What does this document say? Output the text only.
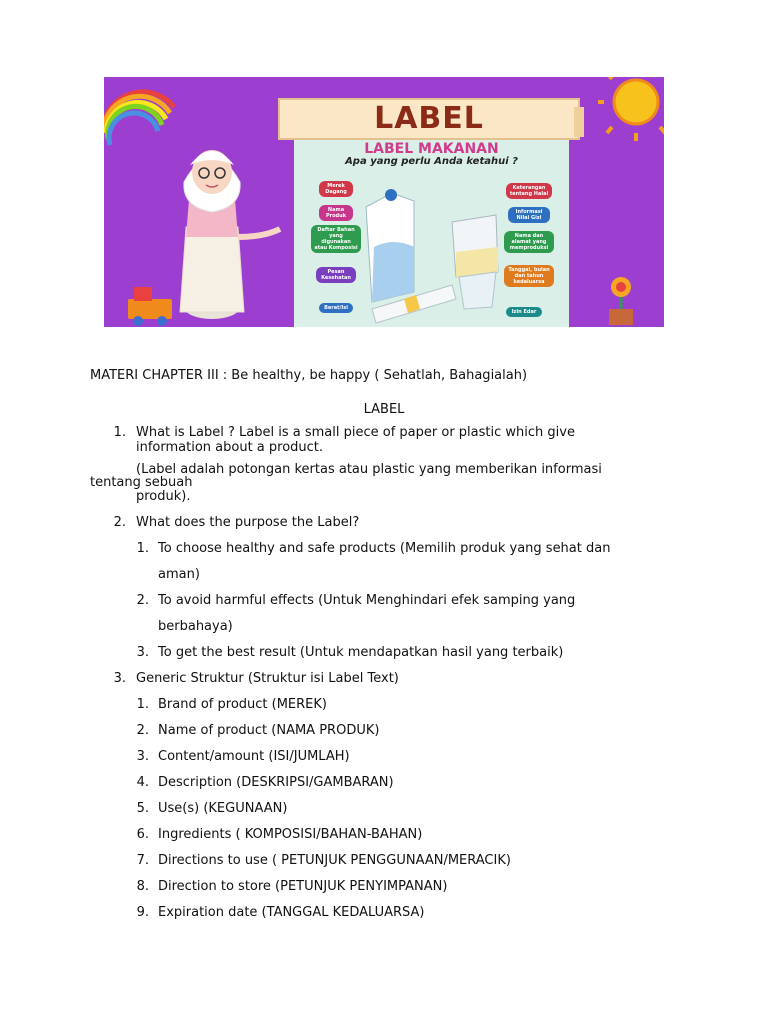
LABEL
LABEL MAKANAN
Apa yang perlu Anda ketahui ?
Merek Dagang
Nama Produk
Daftar Bahan yang digunakan atau Komposisi
Pesan Kesehatan
Berat/Isi
Keterangan tentang Halal
Informasi Nilai Gizi
Nama dan alamat yang memproduksi
Tanggal, bulan dan tahun kedaluarsa
Izin Edar
MATERI CHAPTER III : Be healthy, be happy ( Sehatlah, Bahagialah)
LABEL
1. What is Label ? Label is a small piece of paper or plastic which give
information about a product.
(Label adalah potongan kertas atau plastic yang memberikan informasi
tentang sebuah
produk).
2. What does the purpose the Label?
1. To choose healthy and safe products (Memilih produk yang sehat dan
aman)
2. To avoid harmful effects (Untuk Menghindari efek samping yang
berbahaya)
3. To get the best result (Untuk mendapatkan hasil yang terbaik)
3. Generic Struktur (Struktur isi Label Text)
1. Brand of product (MEREK)
2. Name of product (NAMA PRODUK)
3. Content/amount (ISI/JUMLAH)
4. Description (DESKRIPSI/GAMBARAN)
5. Use(s) (KEGUNAAN)
6. Ingredients ( KOMPOSISI/BAHAN-BAHAN)
7. Directions to use ( PETUNJUK PENGGUNAAN/MERACIK)
8. Direction to store (PETUNJUK PENYIMPANAN)
9. Expiration date (TANGGAL KEDALUARSA)
